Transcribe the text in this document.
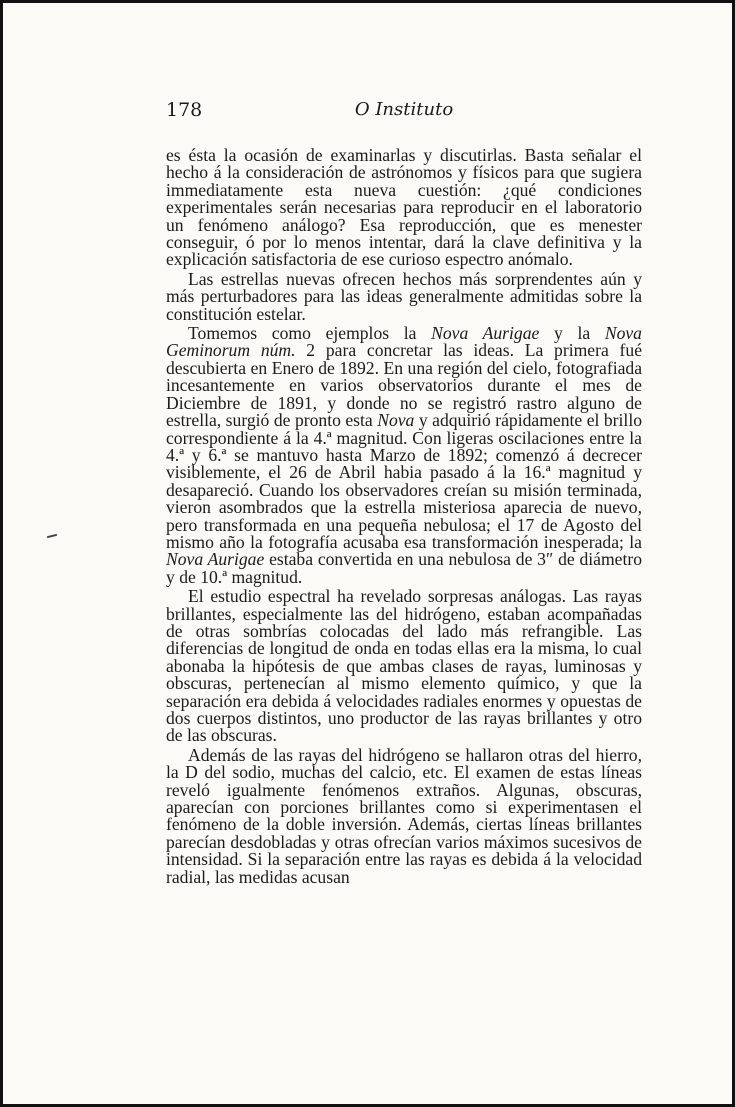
178	O Instituto

es ésta la ocasión de examinarlas y discutirlas. Basta señalar el hecho á la consideración de astrónomos y físicos para que sugiera immediatamente esta nueva cuestión: ¿qué condiciones experimentales serán necesarias para reproducir en el laboratorio un fenómeno análogo? Esa reproducción, que es menester conseguir, ó por lo menos intentar, dará la clave definitiva y la explicación satisfactoria de ese curioso espectro anómalo.

Las estrellas nuevas ofrecen hechos más sorprendentes aún y más perturbadores para las ideas generalmente admitidas sobre la constitución estelar.

Tomemos como ejemplos la Nova Aurigae y la Nova Geminorum núm. 2 para concretar las ideas. La primera fué descubierta en Enero de 1892. En una región del cielo, fotografiada incesantemente en varios observatorios durante el mes de Diciembre de 1891, y donde no se registró rastro alguno de estrella, surgió de pronto esta Nova y adquirió rápidamente el brillo correspondiente á la 4.ª magnitud. Con ligeras oscilaciones entre la 4.ª y 6.ª se mantuvo hasta Marzo de 1892; comenzó á decrecer visiblemente, el 26 de Abril habia pasado á la 16.ª magnitud y desapareció. Cuando los observadores creían su misión terminada, vieron asombrados que la estrella misteriosa aparecia de nuevo, pero transformada en una pequeña nebulosa; el 17 de Agosto del mismo año la fotografía acusaba esa transformación inesperada; la Nova Aurigae estaba convertida en una nebulosa de 3″ de diámetro y de 10.ª magnitud.

El estudio espectral ha revelado sorpresas análogas. Las rayas brillantes, especialmente las del hidrógeno, estaban acompañadas de otras sombrías colocadas del lado más refrangible. Las diferencias de longitud de onda en todas ellas era la misma, lo cual abonaba la hipótesis de que ambas clases de rayas, luminosas y obscuras, pertenecían al mismo elemento químico, y que la separación era debida á velocidades radiales enormes y opuestas de dos cuerpos distintos, uno productor de las rayas brillantes y otro de las obscuras.

Además de las rayas del hidrógeno se hallaron otras del hierro, la D del sodio, muchas del calcio, etc. El examen de estas líneas reveló igualmente fenómenos extraños. Algunas, obscuras, aparecían con porciones brillantes como si experimentasen el fenómeno de la doble inversión. Además, ciertas líneas brillantes parecían desdobladas y otras ofrecían varios máximos sucesivos de intensidad. Si la separación entre las rayas es debida á la velocidad radial, las medidas acusan
